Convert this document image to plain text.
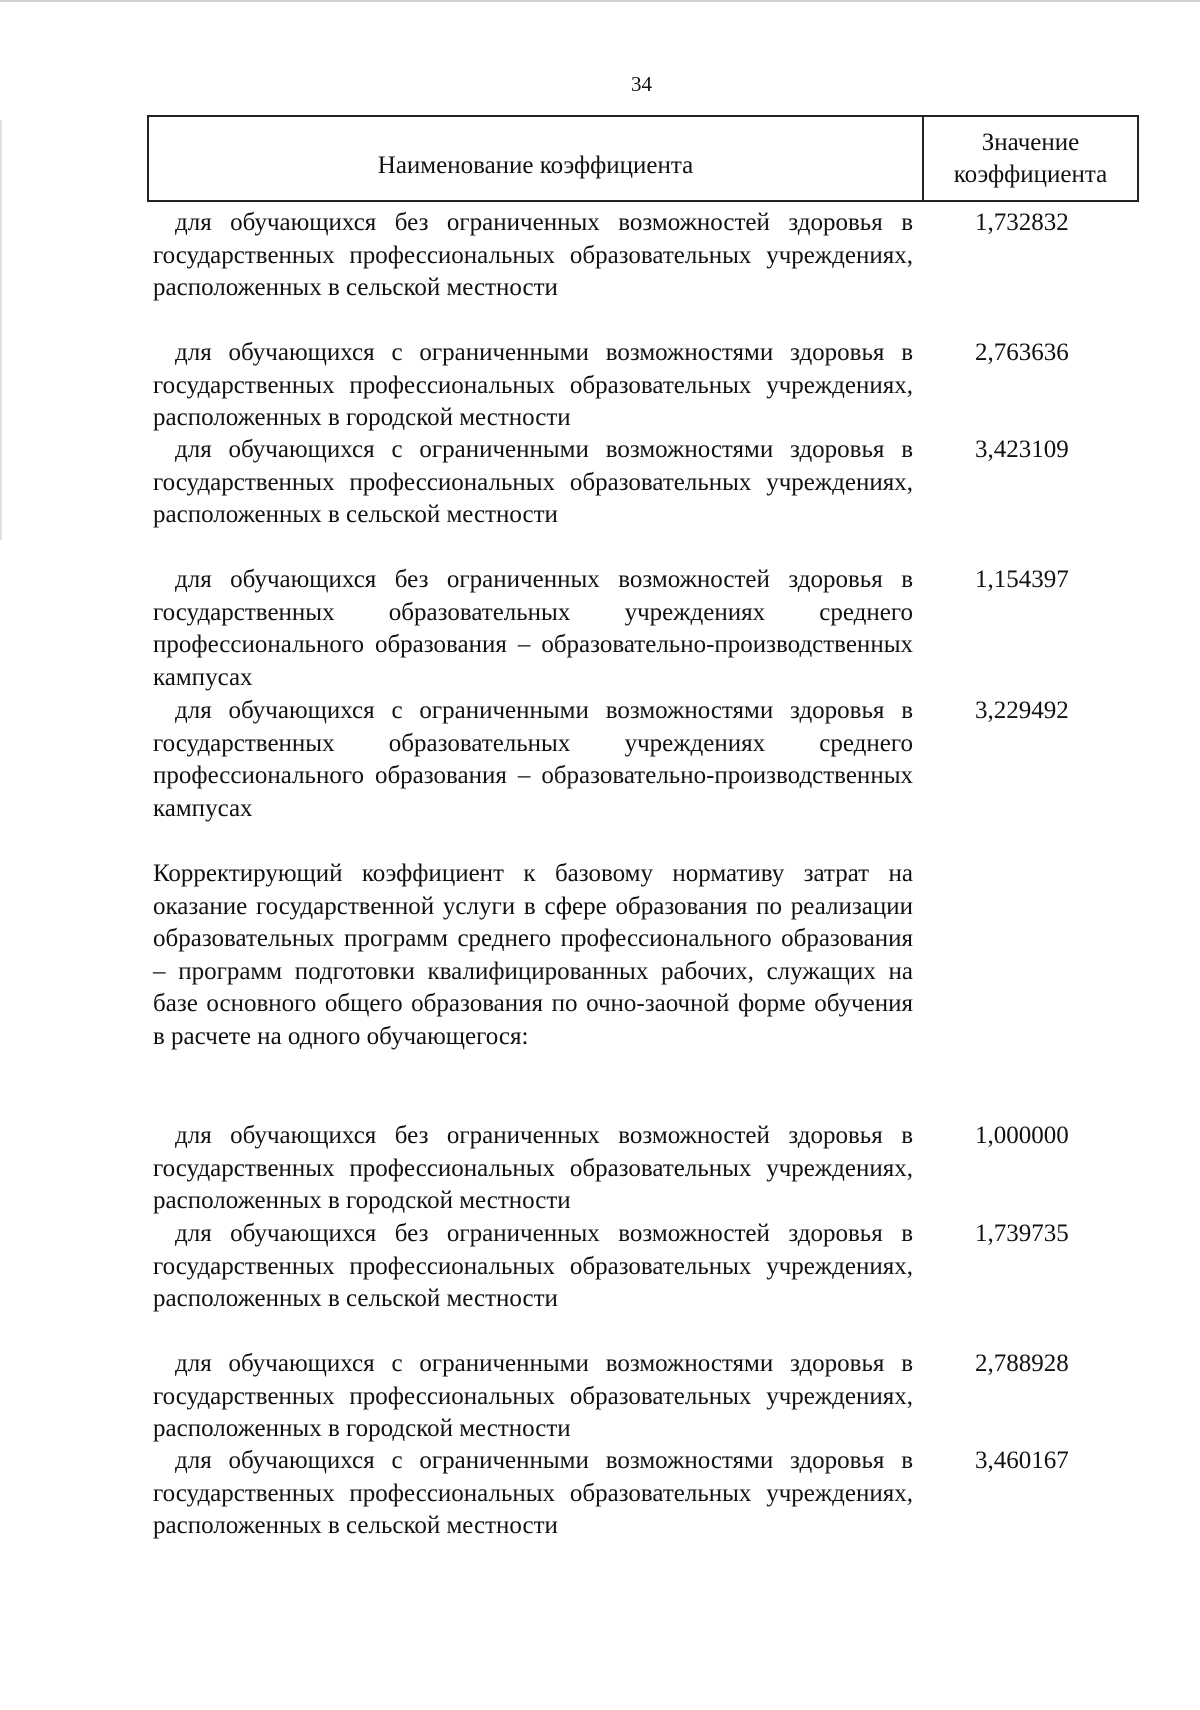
34
Наименование коэффициента
Значение
коэффициента
для обучающихся без ограниченных возможностей здоровья в государственных профессиональных образовательных учреждениях, расположенных в сельской местности
1,732832
для обучающихся с ограниченными возможностями здоровья в государственных профессиональных образовательных учреждениях, расположенных в городской местности
2,763636
для обучающихся с ограниченными возможностями здоровья в государственных профессиональных образовательных учреждениях, расположенных в сельской местности
3,423109
для обучающихся без ограниченных возможностей здоровья в государственных образовательных учреждениях среднего профессионального образования – образовательно-производственных кампусах
1,154397
для обучающихся с ограниченными возможностями здоровья в государственных образовательных учреждениях среднего профессионального образования – образовательно-производственных кампусах
3,229492
Корректирующий коэффициент к базовому нормативу затрат на оказание государственной услуги в сфере образования по реализации образовательных программ среднего профессионального образования – программ подготовки квалифицированных рабочих, служащих на базе основного общего образования по очно-заочной форме обучения в расчете на одного обучающегося:
для обучающихся без ограниченных возможностей здоровья в государственных профессиональных образовательных учреждениях, расположенных в городской местности
1,000000
для обучающихся без ограниченных возможностей здоровья в государственных профессиональных образовательных учреждениях, расположенных в сельской местности
1,739735
для обучающихся с ограниченными возможностями здоровья в государственных профессиональных образовательных учреждениях, расположенных в городской местности
2,788928
для обучающихся с ограниченными возможностями здоровья в государственных профессиональных образовательных учреждениях, расположенных в сельской местности
3,460167
